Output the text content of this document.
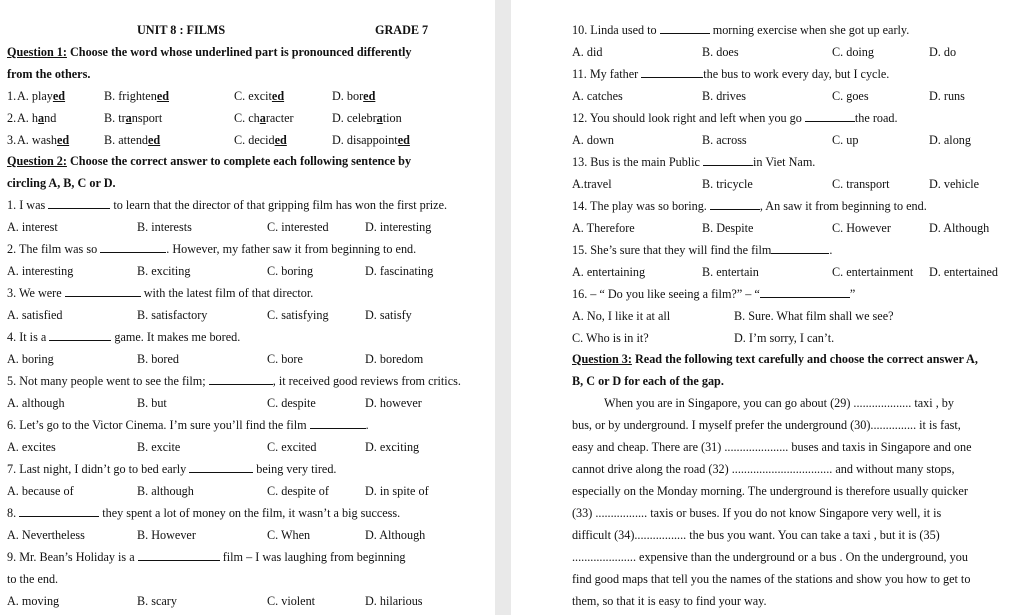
UNIT 8 : FILMS	GRADE 7
Question 1: Choose the word whose underlined part is pronounced differently
from the others.
1. A. played	B. frightened	C. excited	D. bored
2. A. hand	B. transport	C. character	D. celebration
3. A. washed	B. attended	C. decided	D. disappointed
Question 2: Choose the correct answer to complete each following sentence by
circling A, B, C or D.
1. I was	to learn that the director of that gripping film has won the first prize.
A. interest	B. interests	C. interested	D. interesting
2. The film was so	. However, my father saw it from beginning to end.
A. interesting	B. exciting	C. boring	D. fascinating
3. We were	with the latest film of that director.
A. satisfied	B. satisfactory	C. satisfying	D. satisfy
4. It is a	game. It makes me bored.
A. boring	B. bored	C. bore	D. boredom
5. Not many people went to see the film;	, it received good reviews from critics.
A. although	B. but	C. despite	D. however
6. Let’s go to the Victor Cinema. I’m sure you’ll find the film	.
A. excites	B. excite	C. excited	D. exciting
7. Last night, I didn’t go to bed early	being very tired.
A. because of	B. although	C. despite of	D. in spite of
8.	they spent a lot of money on the film, it wasn’t a big success.
A. Nevertheless	B. However	C. When	D. Although
9. Mr. Bean’s Holiday is a	film – I was laughing from beginning
to the end.
A. moving	B. scary	C. violent	D. hilarious
10. Linda used to	morning exercise when she got up early.
A. did	B. does	C. doing	D. do
11. My father	the bus to work every day, but I cycle.
A. catches	B. drives	C. goes	D. runs
12. You should look right and left when you go	the road.
A. down	B. across	C. up	D. along
13. Bus is the main Public	in Viet Nam.
A.travel	B. tricycle	C. transport	D. vehicle
14. The play was so boring.	, An saw it from beginning to end.
A. Therefore	B. Despite	C. However	D. Although
15. She’s sure that they will find the film	.
A. entertaining	B. entertain	C. entertainment D. entertained
16. – “ Do you like seeing a film?” – “	”
A. No, I like it at all	B. Sure. What film shall we see?
C. Who is in it?	D. I’m sorry, I can’t.
Question 3: Read the following text carefully and choose the correct answer A,
B, C or D for each of the gap.
When you are in Singapore, you can go about (29) ................... taxi , by
bus, or by underground. I myself prefer the underground (30)............... it is fast,
easy and cheap. There are (31) ..................... buses and taxis in Singapore and one
cannot drive along the road (32) ................................. and without many stops,
especially on the Monday morning. The underground is therefore usually quicker
(33) ................. taxis or buses. If you do not know Singapore very well, it is
difficult (34)................. the bus you want. You can take a taxi , but it is (35)
..................... expensive than the underground or a bus . On the underground, you
find good maps that tell you the names of the stations and show you how to get to
them, so that it is easy to find your way.
